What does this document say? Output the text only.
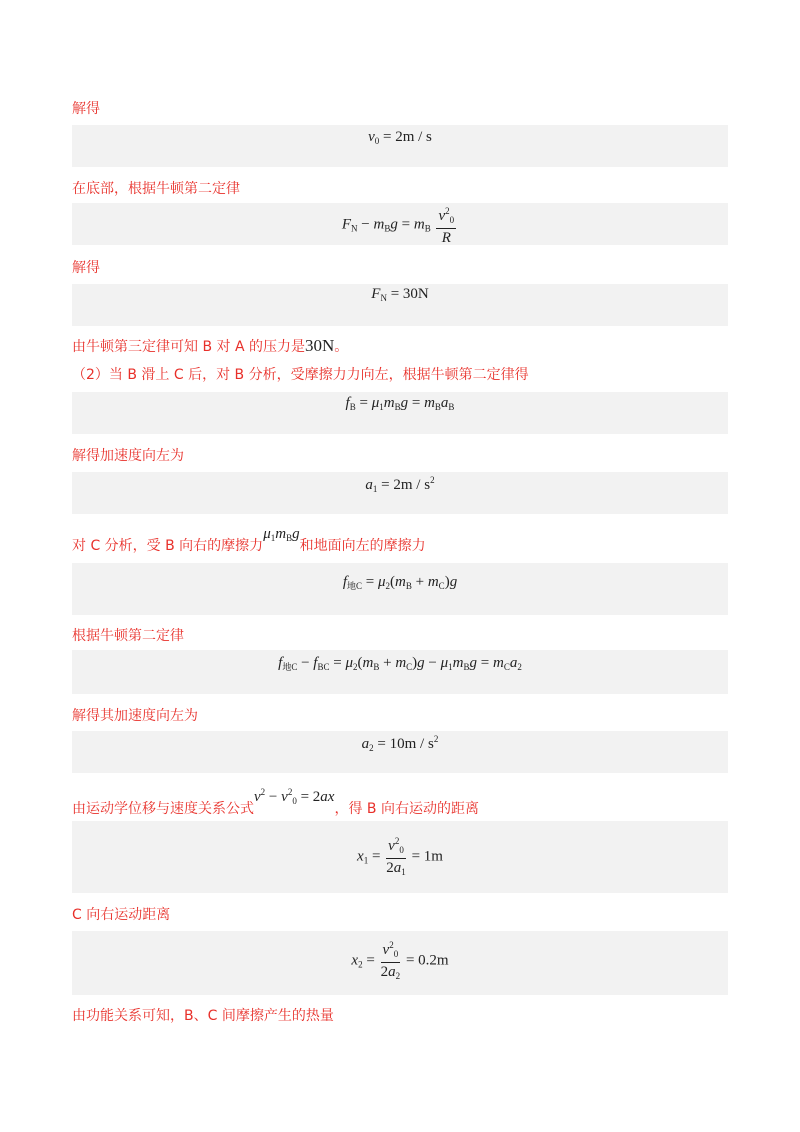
解得
$v_0 = 2m / s$
在底部，根据牛顿第二定律
$F_N - m_Bg = m_B \frac{v^2_0}{R}$
解得
$F_N = 30N$
由牛顿第三定律可知 B 对 A 的压力是30N。
（2）当 B 滑上 C 后，对 B 分析，受摩擦力力向左，根据牛顿第二定律得
$f_B = \mu_1m_Bg = m_Ba_B$
解得加速度向左为
$a_1 = 2m / s^2$
对 C 分析，受 B 向右的摩擦力$\mu_1m_Bg$和地面向左的摩擦力
$f_{地C} = \mu_2(m_B + m_C)g$
根据牛顿第二定律
$f_{地C} - f_{BC} = \mu_2(m_B + m_C)g - \mu_1m_Bg = m_Ca_2$
解得其加速度向左为
$a_2 = 10m / s^2$
由运动学位移与速度关系公式$v^2 - v^2_0 = 2ax$，得 B 向右运动的距离
$x_1 = \frac{v^2_0}{2a_1} = 1m$
C 向右运动距离
$x_2 = \frac{v^2_0}{2a_2} = 0.2m$
由功能关系可知，B、C 间摩擦产生的热量
